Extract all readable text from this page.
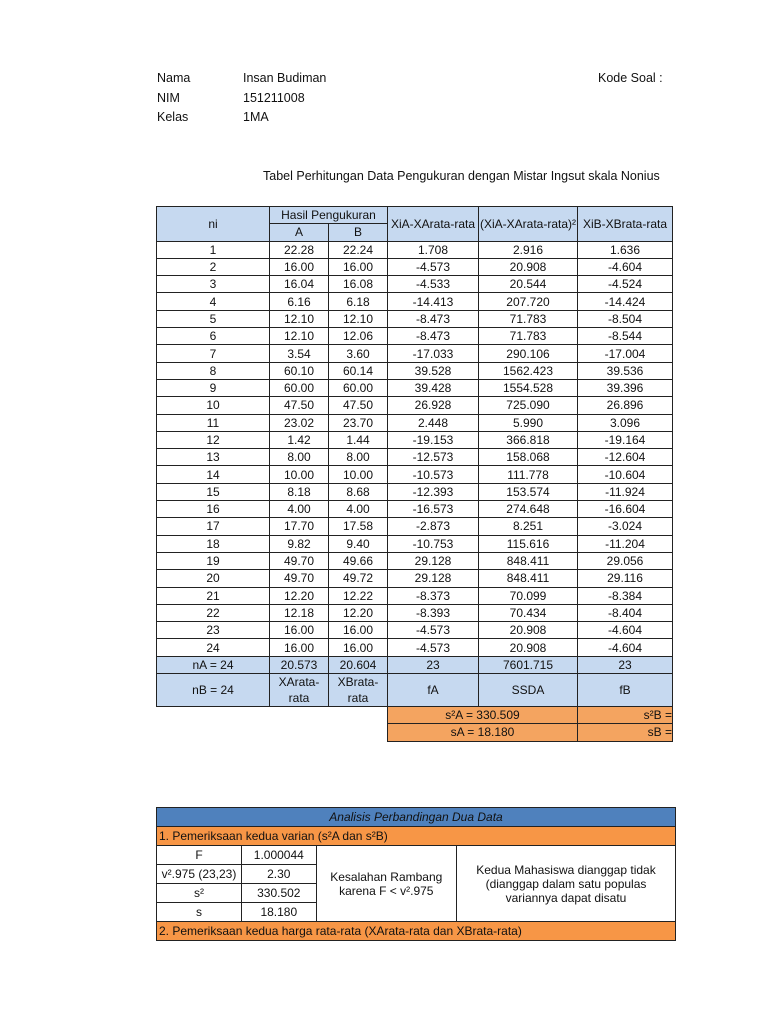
Nama	Insan Budiman	Kode Soal :
NIM	151211008
Kelas	1MA
Tabel Perhitungan Data Pengukuran dengan Mistar Ingsut skala Nonius
ni	Hasil Pengukuran		XiA-XArata-rata	(XiA-XArata-rata)²	XiB-XBrata-rata
	A	B			
1	22.28	22.24	1.708	2.916	1.636
2	16.00	16.00	-4.573	20.908	-4.604
3	16.04	16.08	-4.533	20.544	-4.524
4	6.16	6.18	-14.413	207.720	-14.424
5	12.10	12.10	-8.473	71.783	-8.504
6	12.10	12.06	-8.473	71.783	-8.544
7	3.54	3.60	-17.033	290.106	-17.004
8	60.10	60.14	39.528	1562.423	39.536
9	60.00	60.00	39.428	1554.528	39.396
10	47.50	47.50	26.928	725.090	26.896
11	23.02	23.70	2.448	5.990	3.096
12	1.42	1.44	-19.153	366.818	-19.164
13	8.00	8.00	-12.573	158.068	-12.604
14	10.00	10.00	-10.573	111.778	-10.604
15	8.18	8.68	-12.393	153.574	-11.924
16	4.00	4.00	-16.573	274.648	-16.604
17	17.70	17.58	-2.873	8.251	-3.024
18	9.82	9.40	-10.753	115.616	-11.204
19	49.70	49.66	29.128	848.411	29.056
20	49.70	49.72	29.128	848.411	29.116
21	12.20	12.22	-8.373	70.099	-8.384
22	12.18	12.20	-8.393	70.434	-8.404
23	16.00	16.00	-4.573	20.908	-4.604
24	16.00	16.00	-4.573	20.908	-4.604
nA = 24	20.573	20.604	23	7601.715	23
nB = 24	XArata-rata	XBrata-rata	fA	SSDA	fB
			s²A = 330.509		s²B =
			sA = 18.180		sB =
Analisis Perbandingan Dua Data			
1. Pemeriksaan kedua varian (s²A dan s²B)			
F	1.000044	Kesalahan Rambang karena F < v².975	Kedua Mahasiswa dianggap tidak (dianggap dalam satu populas variannya dapat disatu
v².975 (23,23)	2.30		
s²	330.502		
s	18.180		
2. Pemeriksaan kedua harga rata-rata (XArata-rata dan XBrata-rata)			
